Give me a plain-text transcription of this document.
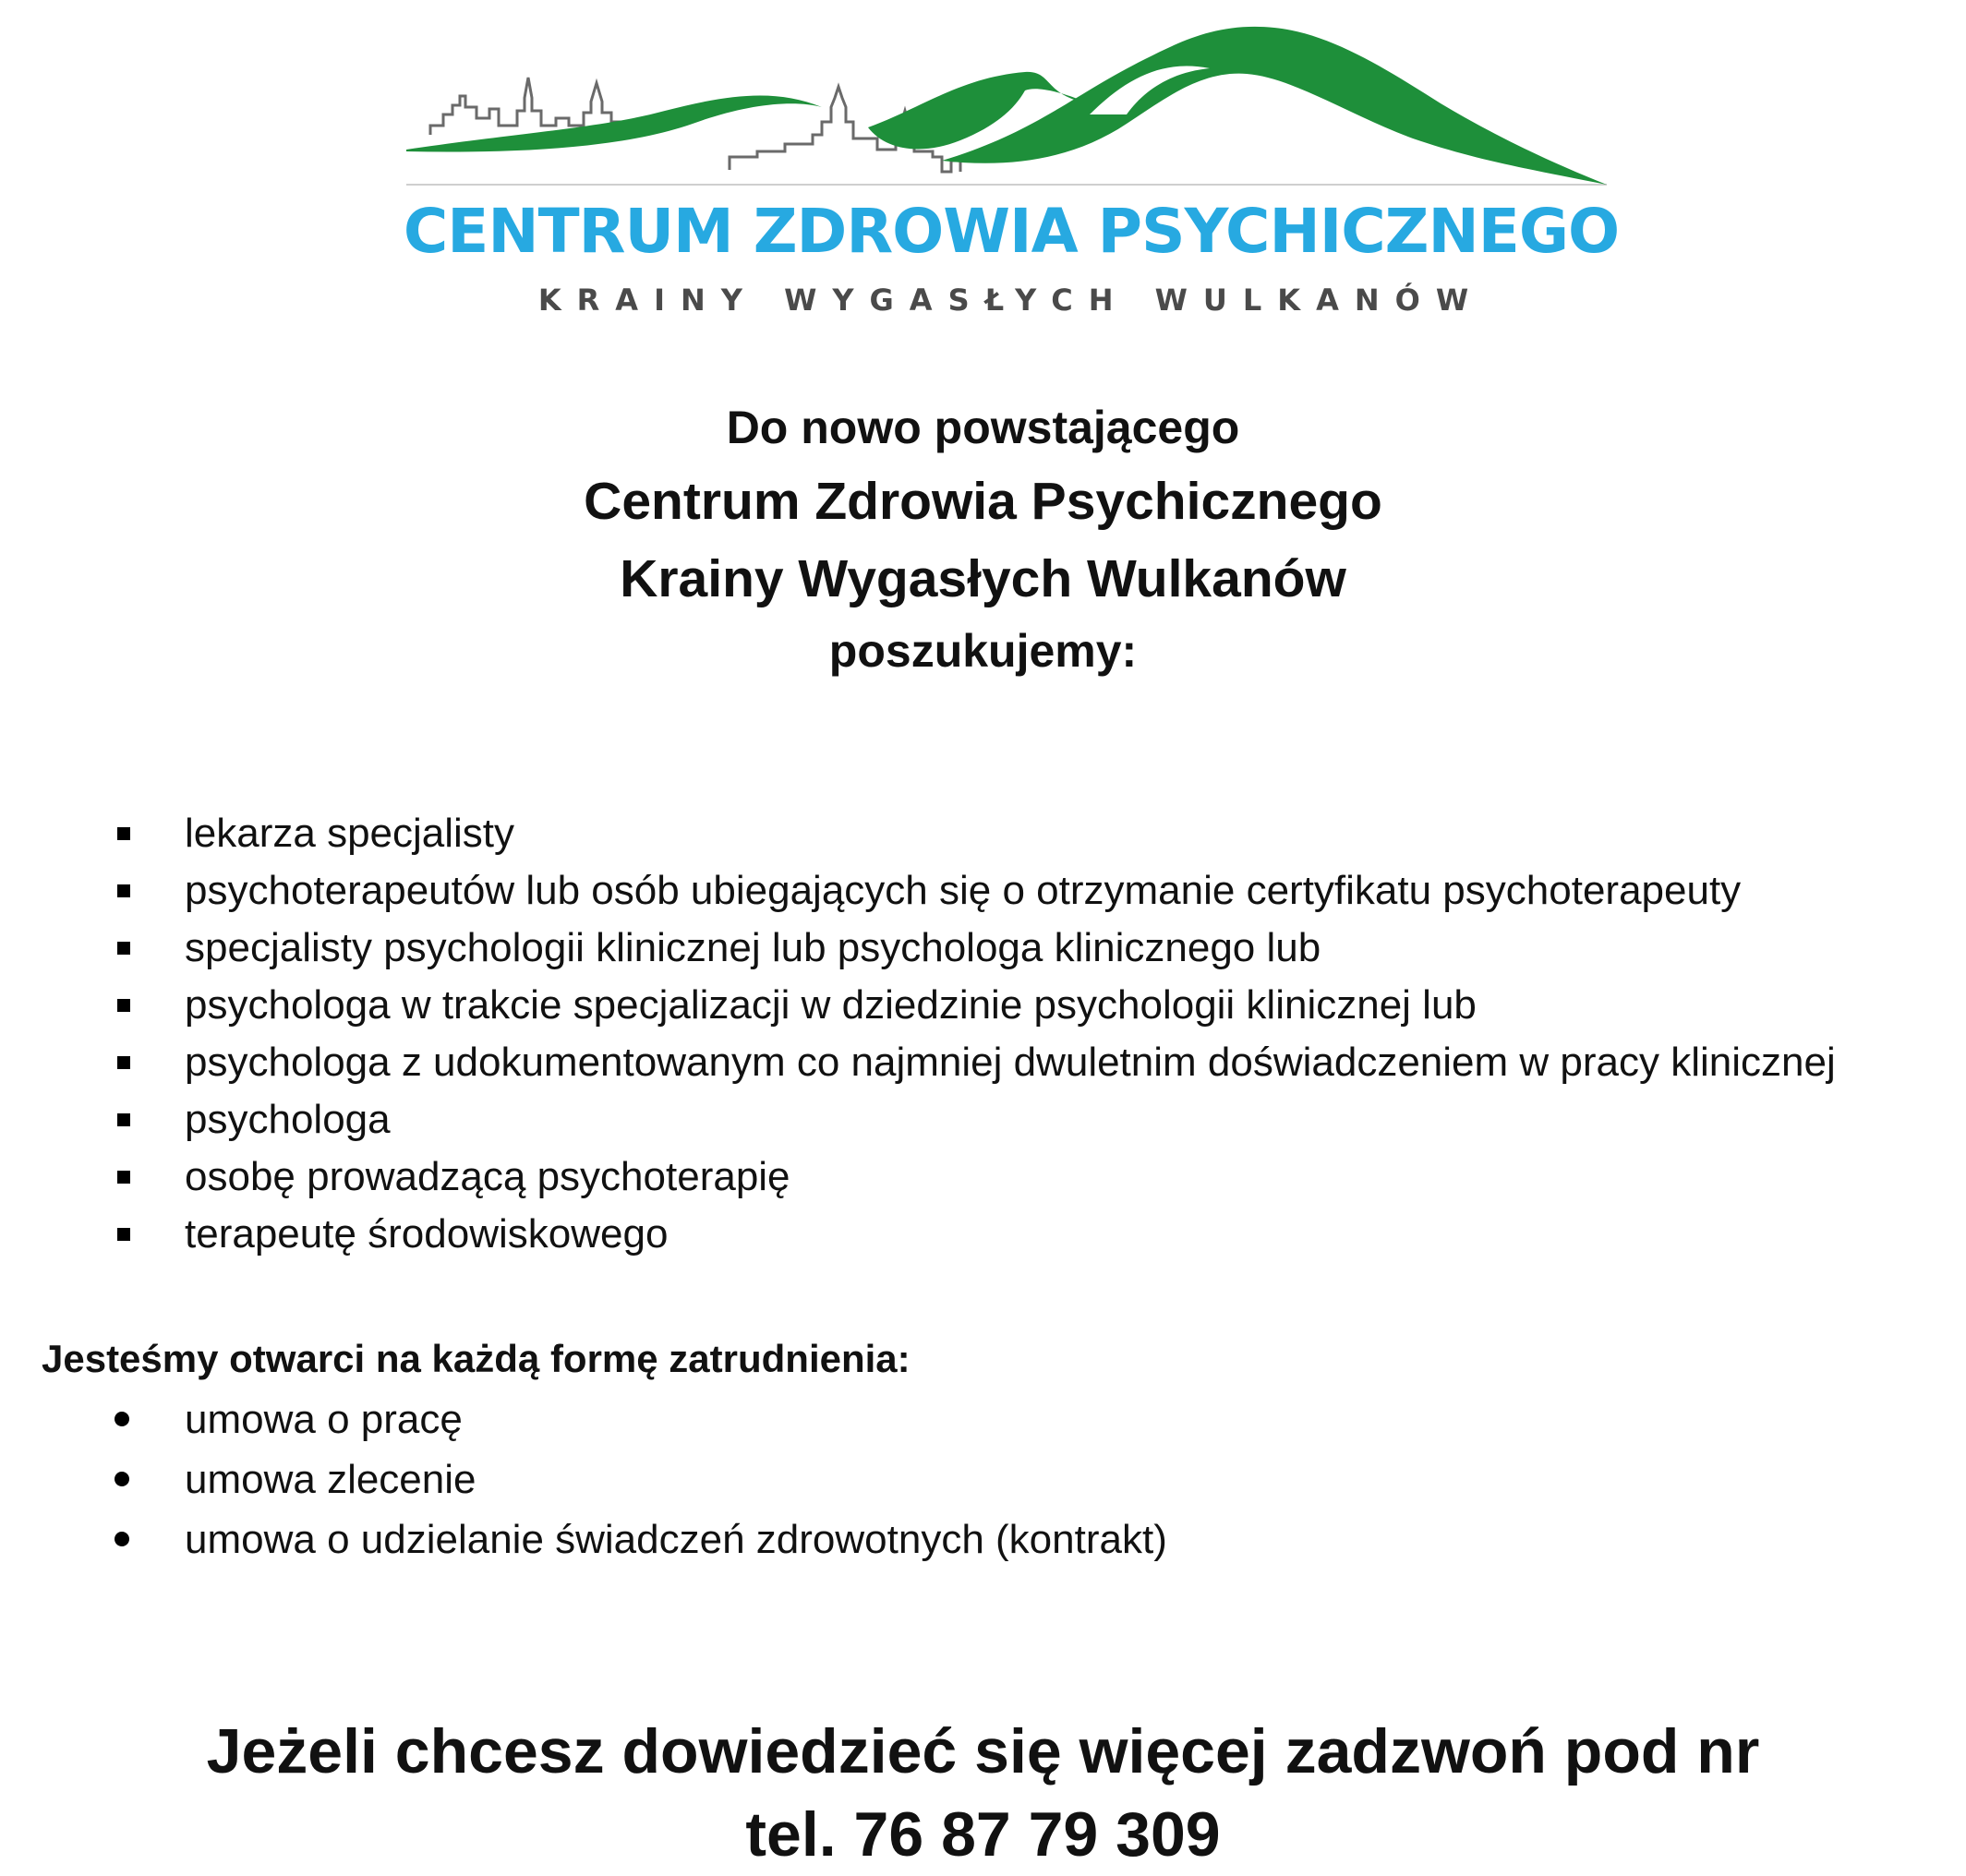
CENTRUM ZDROWIA PSYCHICZNEGO
KRAINY WYGASŁYCH WULKANÓW
Do nowo powstającego
Centrum Zdrowia Psychicznego
Krainy Wygasłych Wulkanów
poszukujemy:
lekarza specjalisty
psychoterapeutów lub osób ubiegających się o otrzymanie certyfikatu psychoterapeuty
specjalisty psychologii klinicznej lub psychologa klinicznego lub
psychologa w trakcie specjalizacji w dziedzinie psychologii klinicznej lub
psychologa z udokumentowanym co najmniej dwuletnim doświadczeniem w pracy klinicznej
psychologa
osobę prowadzącą psychoterapię
terapeutę środowiskowego
Jesteśmy otwarci na każdą formę zatrudnienia:
umowa o pracę
umowa zlecenie
umowa o udzielanie świadczeń zdrowotnych (kontrakt)
Jeżeli chcesz dowiedzieć się więcej zadzwoń pod nr
tel. 76 87 79 309
